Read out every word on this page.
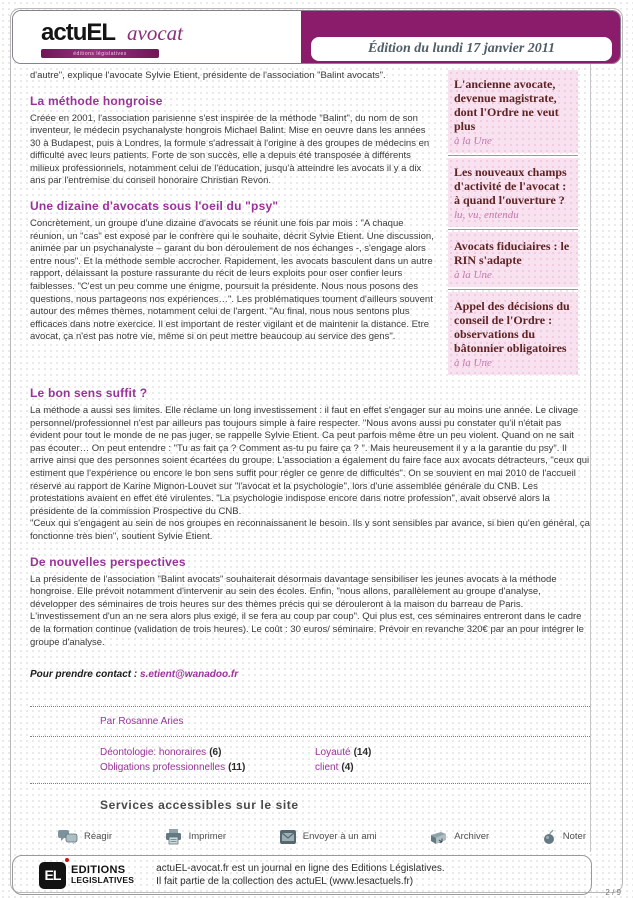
actu EL avocat
éditions législatives	Édition du lundi 17 janvier 2011
d'autre", explique l'avocate Sylvie Etient, présidente de l'association "Balint avocats".
La méthode hongroise
Créée en 2001, l'association parisienne s'est inspirée de la méthode "Balint", du nom de son inventeur, le médecin psychanalyste hongrois Michael Balint. Mise en oeuvre dans les années 30 à Budapest, puis à Londres, la formule s'adressait à l'origine à des groupes de médecins en difficulté avec leurs patients. Forte de son succès, elle a depuis été transposée à différents milieux professionnels, notamment celui de l'éducation, jusqu'à atteindre les avocats il y a dix ans par l'entremise du conseil honoraire Christian Revon.
Une dizaine d'avocats sous l'oeil du "psy"
Concrètement, un groupe d'une dizaine d'avocats se réunit une fois par mois : "A chaque réunion, un "cas" est exposé par le confrère qui le souhaite, décrit Sylvie Etient. Une discussion, animée par un psychanalyste – garant du bon déroulement de nos échanges -, s'engage alors entre nous". Et la méthode semble accrocher. Rapidement, les avocats basculent dans un autre rapport, délaissant la posture rassurante du récit de leurs exploits pour oser confier leurs faiblesses. "C'est un peu comme une énigme, poursuit la présidente. Nous nous posons des questions, nous partageons nos expériences…". Les problématiques tournent d'ailleurs souvent autour des mêmes thèmes, notamment celui de l'argent. "Au final, nous nous sentons plus efficaces dans notre exercice. Il est important de rester vigilant et de maintenir la distance. Etre avocat, ça n'est pas notre vie, même si on peut mettre beaucoup au service des gens".
L'ancienne avocate, devenue magistrate, dont l'Ordre ne veut plus
à la Une
Les nouveaux champs d'activité de l'avocat : à quand l'ouverture ?
lu, vu, entendu
Avocats fiduciaires : le RIN s'adapte
à la Une
Appel des décisions du conseil de l'Ordre : observations du bâtonnier obligatoires
à la Une
Le bon sens suffit ?
La méthode a aussi ses limites. Elle réclame un long investissement : il faut en effet s'engager sur au moins une année. Le clivage personnel/professionnel n'est par ailleurs pas toujours simple à faire respecter. "Nous avons aussi pu constater qu'il n'était pas évident pour tout le monde de ne pas juger, se rappelle Sylvie Etient. Ca peut parfois même être un peu violent. Quand on ne sait pas écouter… On peut entendre : "Tu as fait ça ? Comment as-tu pu faire ça ? ". Mais heureusement il y a la garantie du psy". Il arrive ainsi que des personnes soient écartées du groupe. L'association a également du faire face aux avocats détracteurs, "ceux qui estiment que l'expérience ou encore le bon sens suffit pour régler ce genre de difficultés". On se souvient en mai 2010 de l'accueil réservé au rapport de Karine Mignon-Louvet sur "l'avocat et la psychologie", lors d'une assemblée générale du CNB. Les protestations avaient en effet été virulentes. "La psychologie indispose encore dans notre profession", avait observé alors la présidente de la commission Prospective du CNB.
"Ceux qui s'engagent au sein de nos groupes en reconnaissanent le besoin. Ils y sont sensibles par avance, si bien qu'en général, ça fonctionne très bien", soutient Sylvie Etient.
De nouvelles perspectives
La présidente de l'association "Balint avocats" souhaiterait désormais davantage sensibiliser les jeunes avocats à la méthode hongroise. Elle prévoit notamment d'intervenir au sein des écoles. Enfin, "nous allons, parallèlement au groupe d'analyse, développer des séminaires de trois heures sur des thèmes précis qui se dérouleront à la maison du barreau de Paris. L'investissement d'un an ne sera alors plus exigé, il se fera au coup par coup". Qui plus est, ces séminaires entreront dans le cadre de la formation continue (validation de trois heures). Le coût : 30 euros/ séminaire. Prévoir en revanche 320€ par an pour intégrer le groupe d'analyse.
Pour prendre contact : s.etient@wanadoo.fr
Par Rosanne Aries
Déontologie: honoraires (6)	Loyauté (14)
Obligations professionnelles (11)	client (4)
Services accessibles sur le site
Réagir	Imprimer	Envoyer à un ami	Archiver	Noter
EL EDITIONS
LEGISLATIVES
actuEL-avocat.fr est un journal en ligne des Editions Législatives.
Il fait partie de la collection des actuEL (www.lesactuels.fr)
2 / 9
